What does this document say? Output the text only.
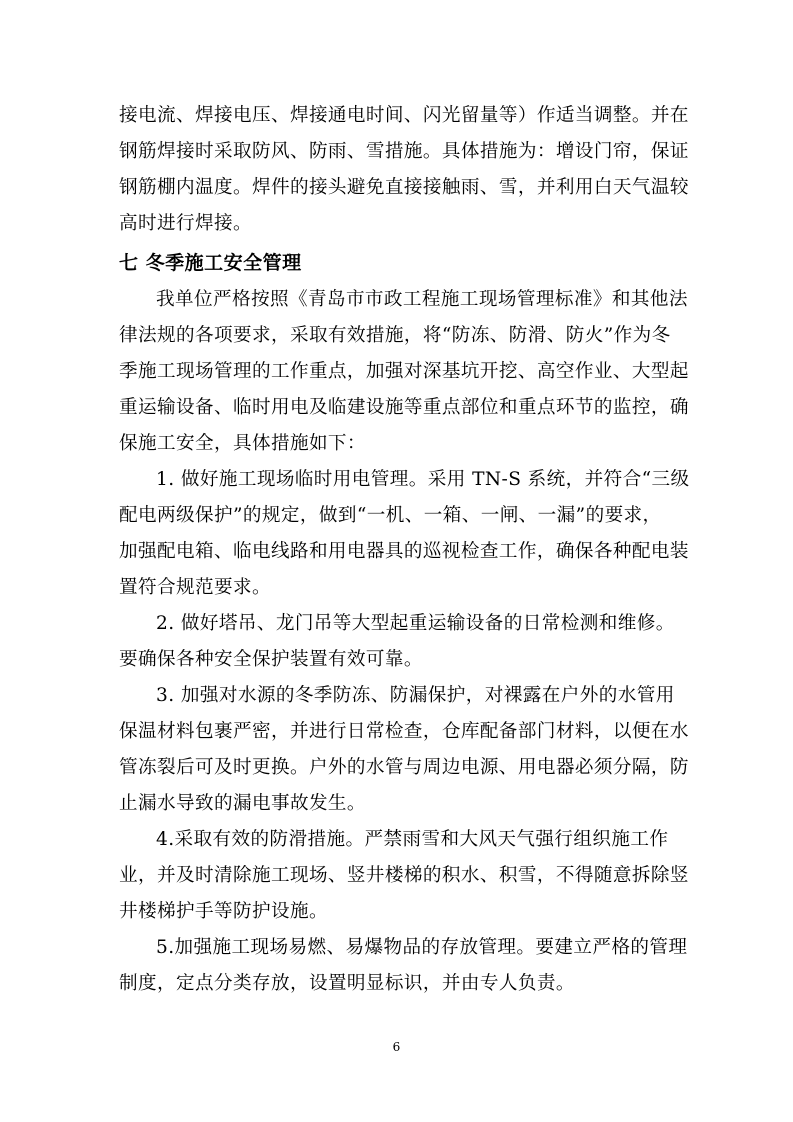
接电流、焊接电压、焊接通电时间、闪光留量等）作适当调整。并在
钢筋焊接时采取防风、防雨、雪措施。具体措施为：增设门帘，保证
钢筋棚内温度。焊件的接头避免直接接触雨、雪，并利用白天气温较
高时进行焊接。
七 冬季施工安全管理
我单位严格按照《青岛市市政工程施工现场管理标准》和其他法
律法规的各项要求，采取有效措施，将“防冻、防滑、防火”作为冬
季施工现场管理的工作重点，加强对深基坑开挖、高空作业、大型起
重运输设备、临时用电及临建设施等重点部位和重点环节的监控，确
保施工安全，具体措施如下：
1. 做好施工现场临时用电管理。采用 TN-S 系统，并符合“三级
配电两级保护”的规定，做到“一机、一箱、一闸、一漏”的要求，
加强配电箱、临电线路和用电器具的巡视检查工作，确保各种配电装
置符合规范要求。
2. 做好塔吊、龙门吊等大型起重运输设备的日常检测和维修。
要确保各种安全保护装置有效可靠。
3. 加强对水源的冬季防冻、防漏保护，对裸露在户外的水管用
保温材料包裹严密，并进行日常检查，仓库配备部门材料，以便在水
管冻裂后可及时更换。户外的水管与周边电源、用电器必须分隔，防
止漏水导致的漏电事故发生。
4.采取有效的防滑措施。严禁雨雪和大风天气强行组织施工作
业，并及时清除施工现场、竖井楼梯的积水、积雪，不得随意拆除竖
井楼梯护手等防护设施。
5.加强施工现场易燃、易爆物品的存放管理。要建立严格的管理
制度，定点分类存放，设置明显标识，并由专人负责。
6
